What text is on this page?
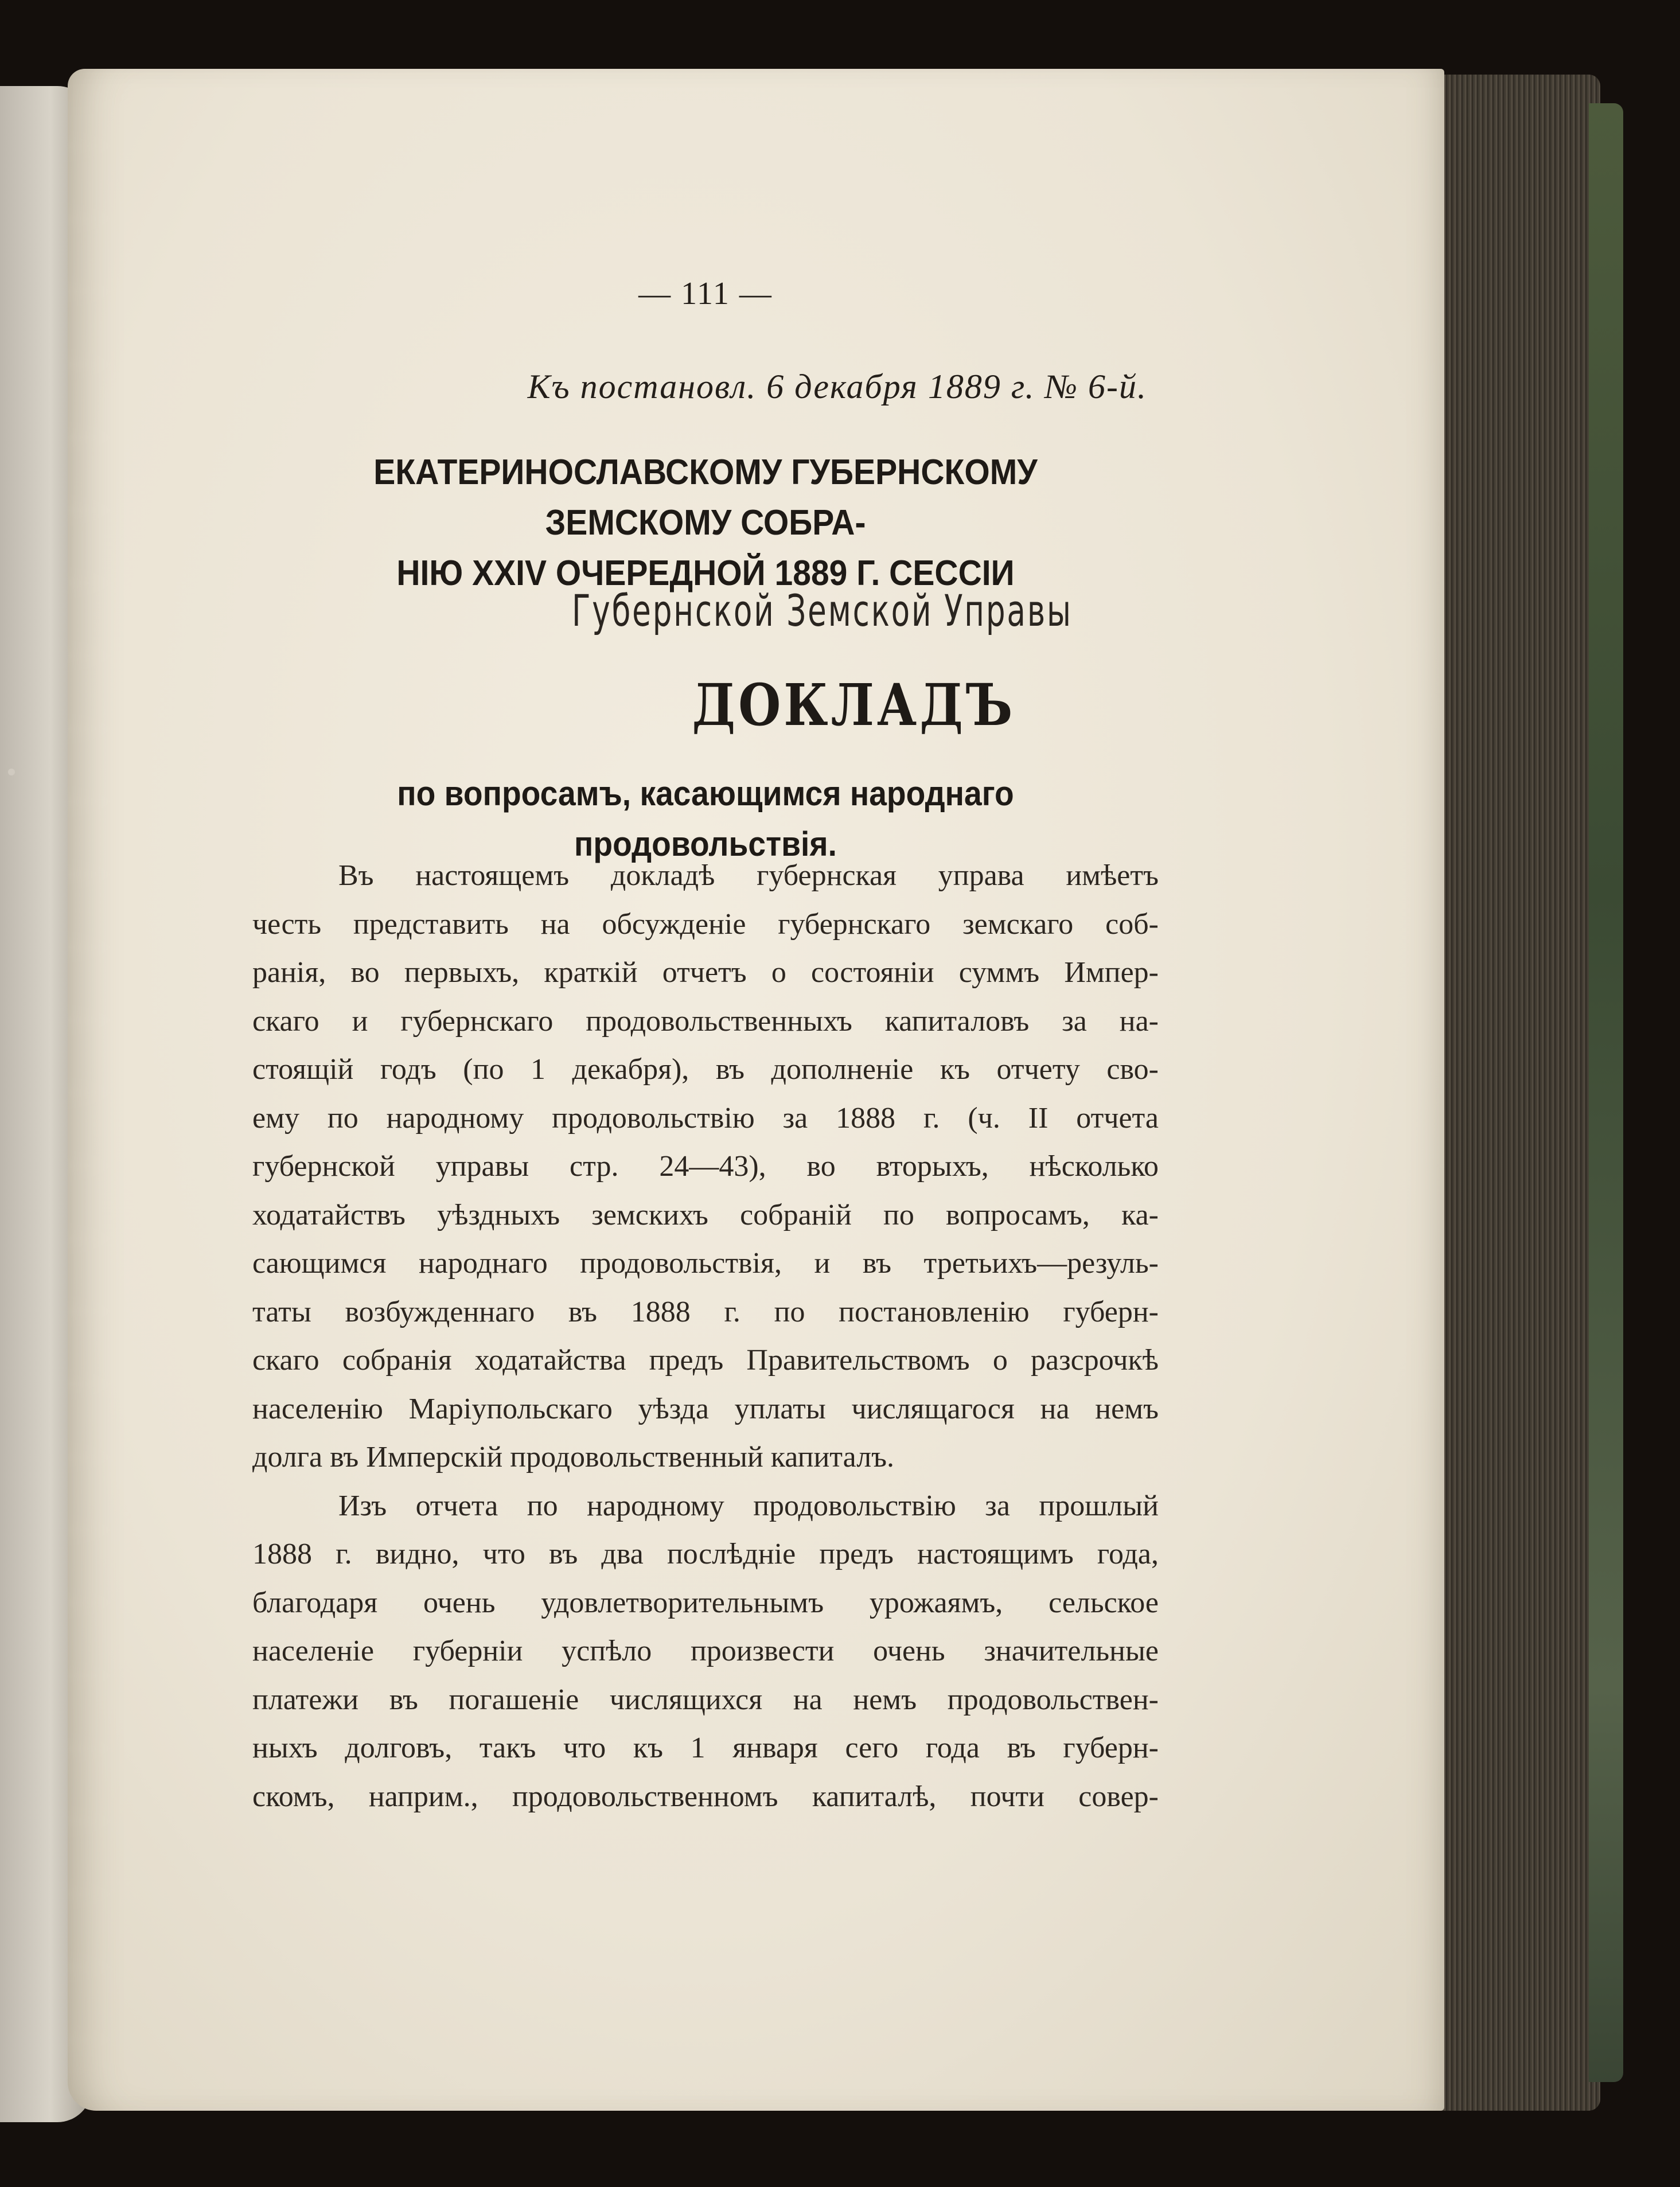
— 111 —
Къ постановл. 6 декабря 1889 г. № 6-й.
ЕКАТЕРИНОСЛАВСКОМУ ГУБЕРНСКОМУ ЗЕМСКОМУ СОБРА-
НІЮ XXIV ОЧЕРЕДНОЙ 1889 Г. СЕССІИ
Губернской Земской Управы
ДОКЛАДЪ
по вопросамъ, касающимся народнаго продовольствія.
Въ настоящемъ докладѣ губернская управа имѣетъ
честь представить на обсужденіе губернскаго земскаго соб-
ранія, во первыхъ, краткій отчетъ о состояніи суммъ Импер-
скаго и губернскаго продовольственныхъ капиталовъ за на-
стоящій годъ (по 1 декабря), въ дополненіе къ отчету сво-
ему по народному продовольствію за 1888 г. (ч. II отчета
губернской управы стр. 24—43), во вторыхъ, нѣсколько
ходатайствъ уѣздныхъ земскихъ собраній по вопросамъ, ка-
сающимся народнаго продовольствія, и въ третьихъ—резуль-
таты возбужденнаго въ 1888 г. по постановленію губерн-
скаго собранія ходатайства предъ Правительствомъ о разсрочкѣ
населенію Маріупольскаго уѣзда уплаты числящагося на немъ
долга въ Имперскій продовольственный капиталъ.
Изъ отчета по народному продовольствію за прошлый
1888 г. видно, что въ два послѣдніе предъ настоящимъ года,
благодаря очень удовлетворительнымъ урожаямъ, сельское
населеніе губерніи успѣло произвести очень значительные
платежи въ погашеніе числящихся на немъ продовольствен-
ныхъ долговъ, такъ что къ 1 января сего года въ губерн-
скомъ, наприм., продовольственномъ капиталѣ, почти совер-
